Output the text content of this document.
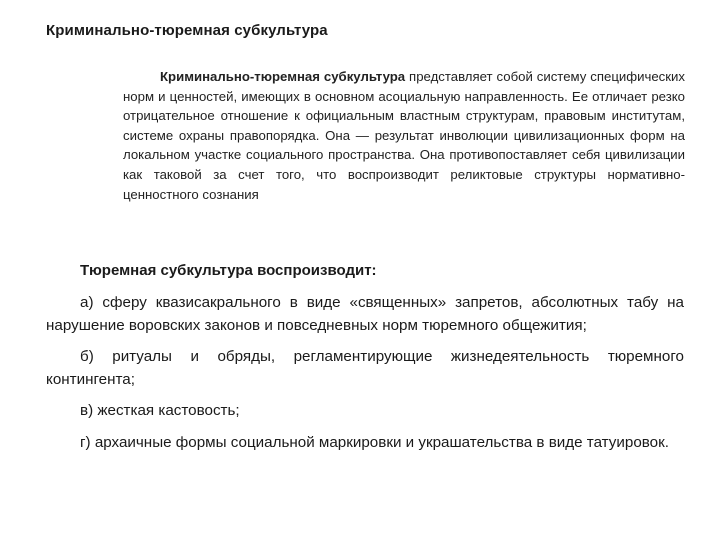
Криминально-тюремная субкультура
Криминально-тюремная субкультура представляет собой систему специфических норм и ценностей, имеющих в основном асоциальную направленность. Ее отличает резко отрицательное отношение к официальным властным структурам, правовым институтам, системе охраны правопорядка. Она — результат инволюции цивилизационных форм на локальном участке социального пространства. Она противопоставляет себя цивилизации как таковой за счет того, что воспроизводит реликтовые структуры нормативно-ценностного сознания
Тюремная субкультура воспроизводит:
а) сферу квазисакрального в виде «священных» запретов, абсолютных табу на нарушение воровских законов и повседневных норм тюремного общежития;
б) ритуалы и обряды, регламентирующие жизнедеятельность тюремного контингента;
в) жесткая кастовость;
г) архаичные формы социальной маркировки и украшательства в виде татуировок.
